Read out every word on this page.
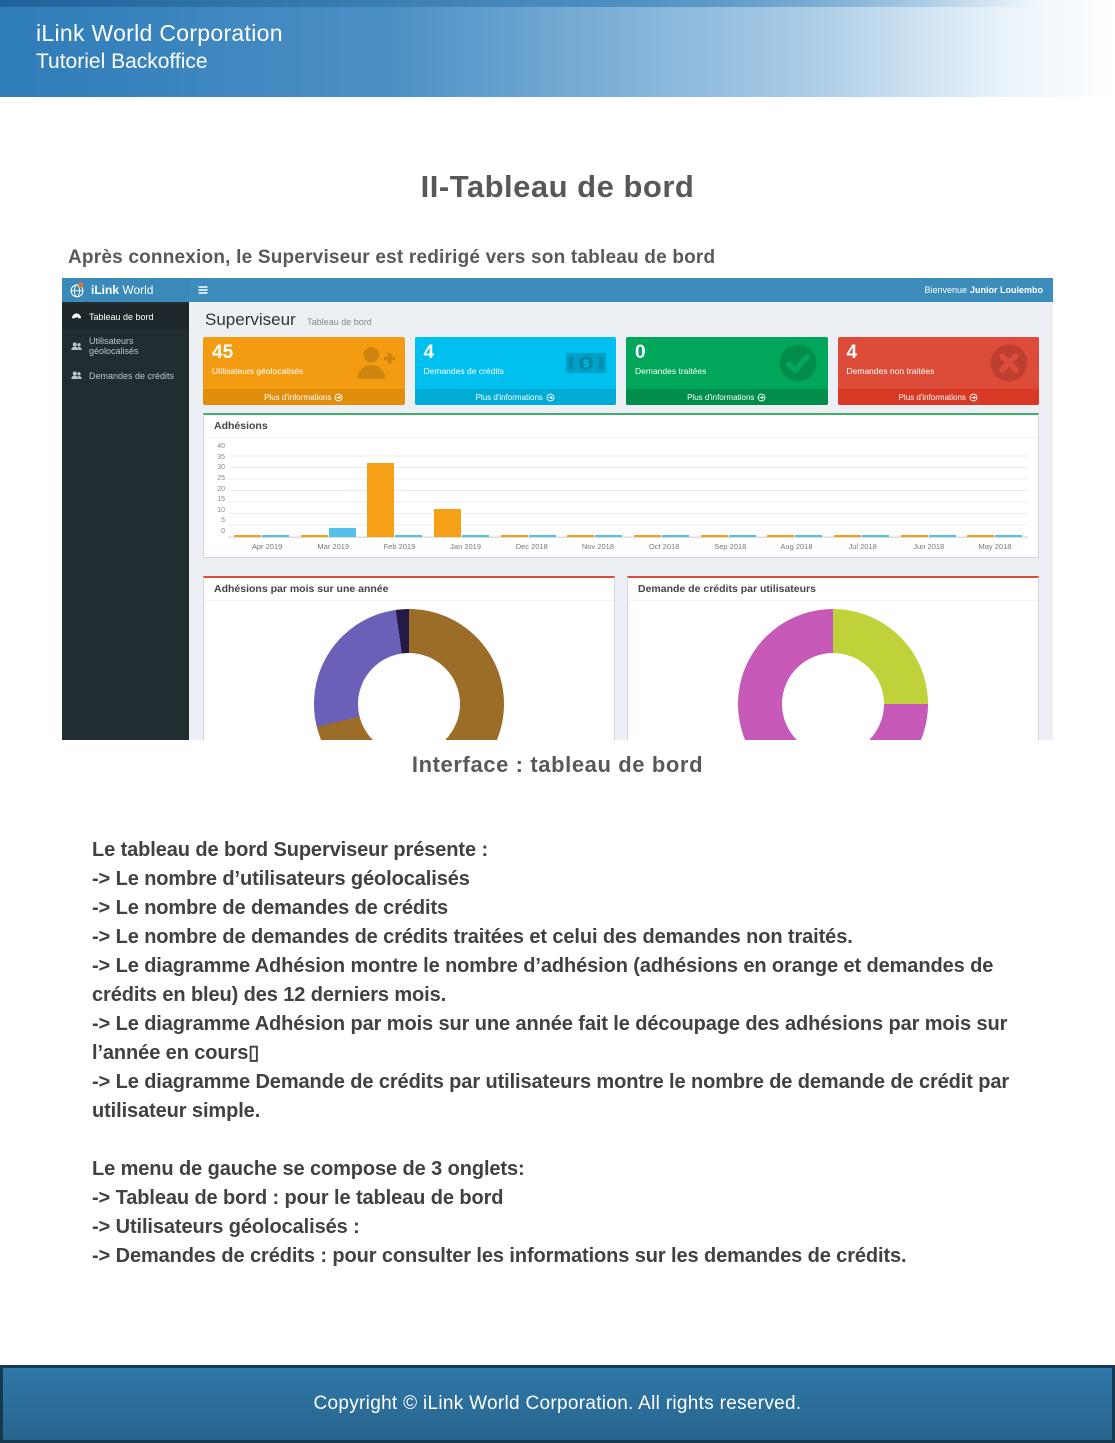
iLink World Corporation
Tutoriel Backoffice
II-Tableau de bord

Après connexion, le Superviseur est redirigé vers son tableau de bord

iLink World	Bienvenue Junior Loulembo
Tableau de bord
Utilisateurs géolocalisés
Demandes de crédits
Superviseur Tableau de bord
45
Utilisateurs géolocalisés
Plus d'informations
4
Demandes de crédits
$
Plus d'informations
0
Demandes traitées
Plus d'informations
4
Demandes non traitées
Plus d'informations
Adhésions
40
35
30
25
20
15
10
5
0
Apr 2019	Mar 2019	Feb 2019	Jan 2019	Dec 2018	Nov 2018	Oct 2018	Sep 2018	Aug 2018	Jul 2018	Jun 2018	May 2018
Adhésions par mois sur une année	Demande de crédits par utilisateurs
Interface : tableau de bord
Le tableau de bord Superviseur présente :
-> Le nombre d’utilisateurs géolocalisés
-> Le nombre de demandes de crédits
-> Le nombre de demandes de crédits traitées et celui des demandes non traités.
-> Le diagramme Adhésion montre le nombre d’adhésion (adhésions en orange et demandes de crédits en bleu) des 12 derniers mois.
-> Le diagramme Adhésion par mois sur une année fait le découpage des adhésions par mois sur l’année en cours▯
-> Le diagramme Demande de crédits par utilisateurs montre le nombre de demande de crédit par utilisateur simple.
Le menu de gauche se compose de 3 onglets:
-> Tableau de bord : pour le tableau de bord
-> Utilisateurs géolocalisés :
-> Demandes de crédits : pour consulter les informations sur les demandes de crédits.
Copyright © iLink World Corporation. All rights reserved.
